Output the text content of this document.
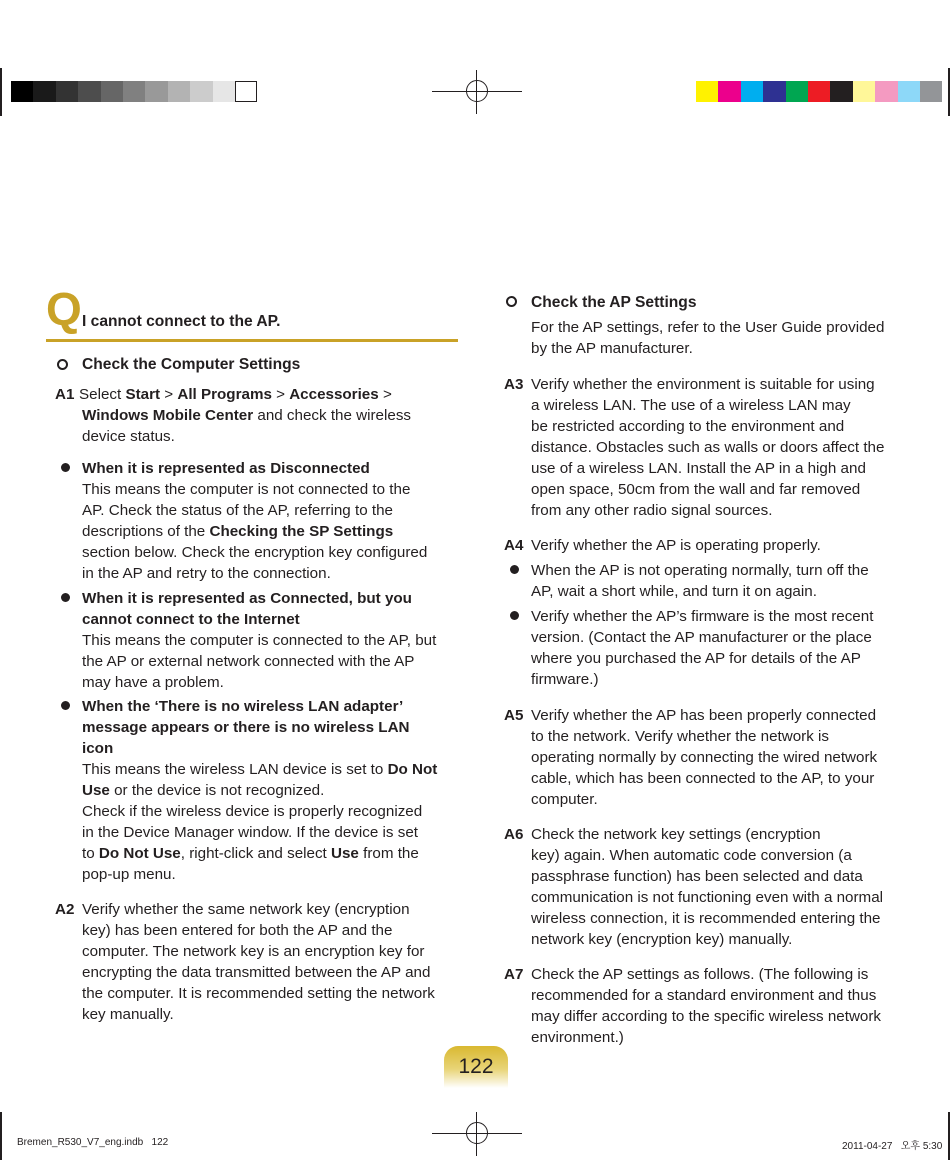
Q I cannot connect to the AP.
Check the Computer Settings
A1 Select Start > All Programs > Accessories >
Windows Mobile Center and check the wireless
device status.
When it is represented as Disconnected
This means the computer is not connected to the
AP. Check the status of the AP, referring to the
descriptions of the Checking the SP Settings
section below. Check the encryption key configured
in the AP and retry to the connection.
When it is represented as Connected, but you
cannot connect to the Internet
This means the computer is connected to the AP, but
the AP or external network connected with the AP
may have a problem.
When the ‘There is no wireless LAN adapter’
message appears or there is no wireless LAN
icon
This means the wireless LAN device is set to Do Not
Use or the device is not recognized.
Check if the wireless device is properly recognized
in the Device Manager window. If the device is set
to Do Not Use, right-click and select Use from the
pop-up menu.
A2 Verify whether the same network key (encryption
key) has been entered for both the AP and the
computer. The network key is an encryption key for
encrypting the data transmitted between the AP and
the computer. It is recommended setting the network
key manually.
Check the AP Settings
For the AP settings, refer to the User Guide provided
by the AP manufacturer.
A3 Verify whether the environment is suitable for using
a wireless LAN. The use of a wireless LAN may
be restricted according to the environment and
distance. Obstacles such as walls or doors affect the
use of a wireless LAN. Install the AP in a high and
open space, 50cm from the wall and far removed
from any other radio signal sources.
A4 Verify whether the AP is operating properly.
When the AP is not operating normally, turn off the
AP, wait a short while, and turn it on again.
Verify whether the AP’s firmware is the most recent
version. (Contact the AP manufacturer or the place
where you purchased the AP for details of the AP
firmware.)
A5 Verify whether the AP has been properly connected
to the network. Verify whether the network is
operating normally by connecting the wired network
cable, which has been connected to the AP, to your
computer.
A6 Check the network key settings (encryption
key) again. When automatic code conversion (a
passphrase function) has been selected and data
communication is not functioning even with a normal
wireless connection, it is recommended entering the
network key (encryption key) manually.
A7 Check the AP settings as follows. (The following is
recommended for a standard environment and thus
may differ according to the specific wireless network
environment.)
122
Bremen_R530_V7_eng.indb   122	2011-04-27   오후 5:30
